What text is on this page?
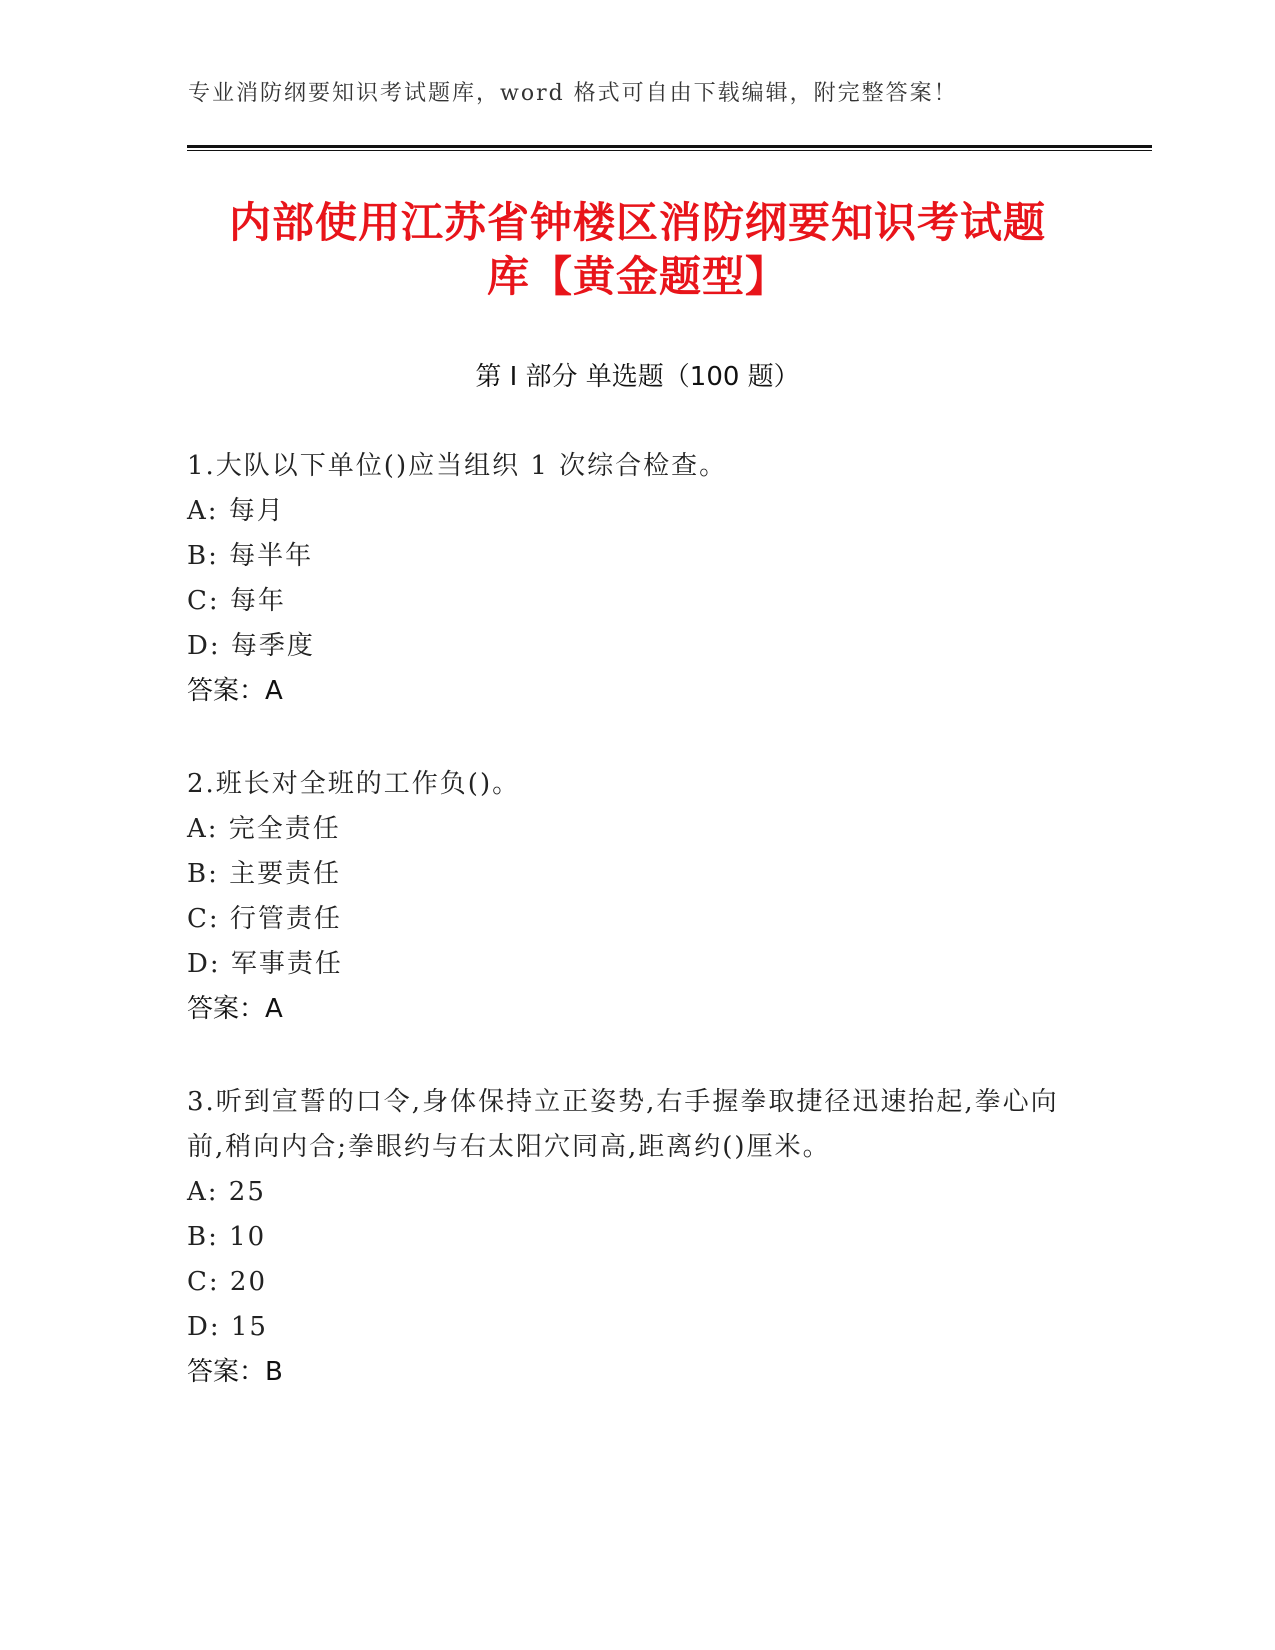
专业消防纲要知识考试题库，word 格式可自由下载编辑，附完整答案！
内部使用江苏省钟楼区消防纲要知识考试题
库【黄金题型】
第 I 部分 单选题（100 题）
1.大队以下单位()应当组织 1 次综合检查。
A: 每月
B: 每半年
C: 每年
D: 每季度
答案：A
2.班长对全班的工作负()。
A: 完全责任
B: 主要责任
C: 行管责任
D: 军事责任
答案：A
3.听到宣誓的口令,身体保持立正姿势,右手握拳取捷径迅速抬起,拳心向前,稍向内合;拳眼约与右太阳穴同高,距离约()厘米。
A: 25
B: 10
C: 20
D: 15
答案：B
